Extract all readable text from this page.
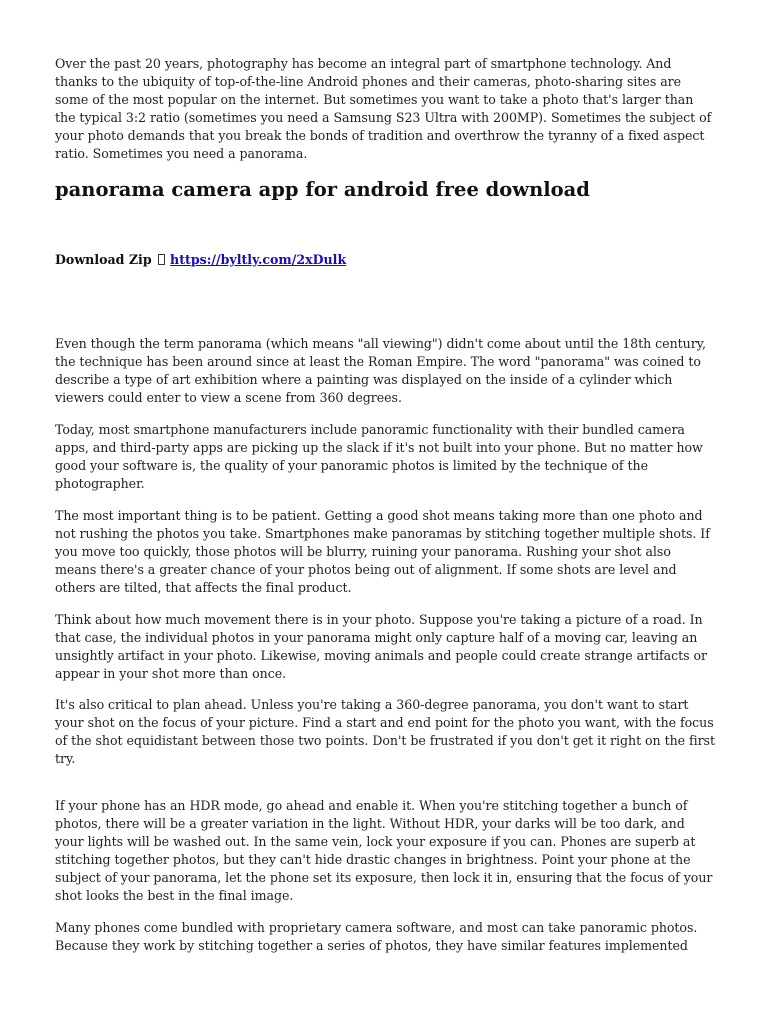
Over the past 20 years, photography has become an integral part of smartphone technology. And thanks to the ubiquity of top-of-the-line Android phones and their cameras, photo-sharing sites are some of the most popular on the internet. But sometimes you want to take a photo that's larger than the typical 3:2 ratio (sometimes you need a Samsung S23 Ultra with 200MP). Sometimes the subject of your photo demands that you break the bonds of tradition and overthrow the tyranny of a fixed aspect ratio. Sometimes you need a panorama.

panorama camera app for android free download
Download Zip https://byltly.com/2xDulk

Even though the term panorama (which means "all viewing") didn't come about until the 18th century, the technique has been around since at least the Roman Empire. The word "panorama" was coined to describe a type of art exhibition where a painting was displayed on the inside of a cylinder which viewers could enter to view a scene from 360 degrees.

Today, most smartphone manufacturers include panoramic functionality with their bundled camera apps, and third-party apps are picking up the slack if it's not built into your phone. But no matter how good your software is, the quality of your panoramic photos is limited by the technique of the photographer.

The most important thing is to be patient. Getting a good shot means taking more than one photo and not rushing the photos you take. Smartphones make panoramas by stitching together multiple shots. If you move too quickly, those photos will be blurry, ruining your panorama. Rushing your shot also means there's a greater chance of your photos being out of alignment. If some shots are level and others are tilted, that affects the final product.

Think about how much movement there is in your photo. Suppose you're taking a picture of a road. In that case, the individual photos in your panorama might only capture half of a moving car, leaving an unsightly artifact in your photo. Likewise, moving animals and people could create strange artifacts or appear in your shot more than once.

It's also critical to plan ahead. Unless you're taking a 360-degree panorama, you don't want to start your shot on the focus of your picture. Find a start and end point for the photo you want, with the focus of the shot equidistant between those two points. Don't be frustrated if you don't get it right on the first try.

If your phone has an HDR mode, go ahead and enable it. When you're stitching together a bunch of photos, there will be a greater variation in the light. Without HDR, your darks will be too dark, and your lights will be washed out. In the same vein, lock your exposure if you can. Phones are superb at stitching together photos, but they can't hide drastic changes in brightness. Point your phone at the subject of your panorama, let the phone set its exposure, then lock it in, ensuring that the focus of your shot looks the best in the final image.

Many phones come bundled with proprietary camera software, and most can take panoramic photos. Because they work by stitching together a series of photos, they have similar features implemented
